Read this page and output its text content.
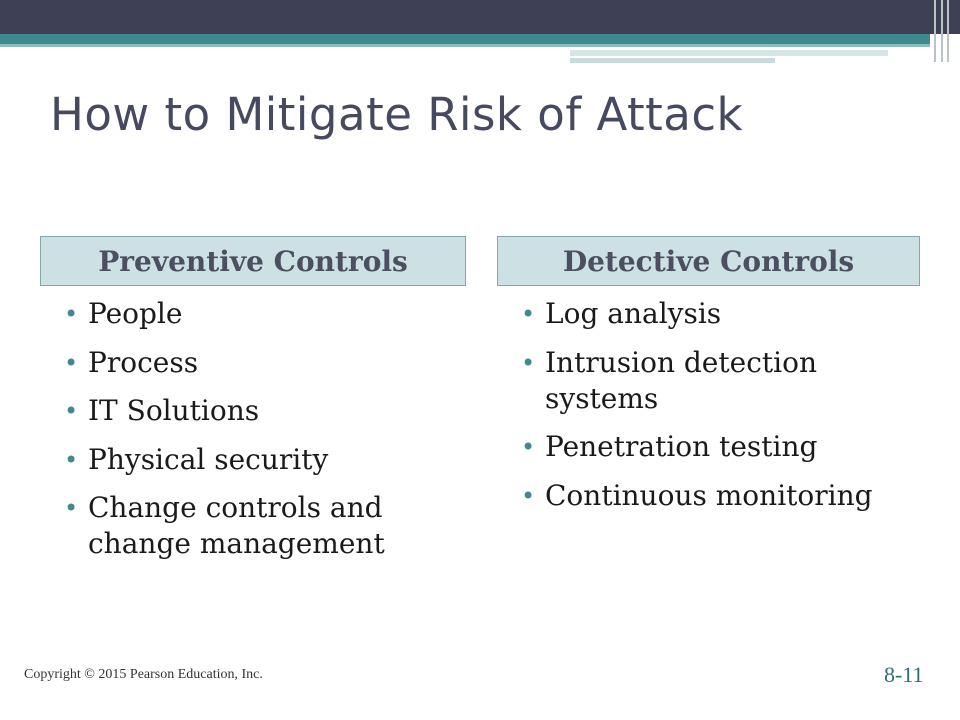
How to Mitigate Risk of Attack
Preventive Controls	Detective Controls
• People
• Process
• IT Solutions
• Physical security
• Change controls and change management
• Log analysis
• Intrusion detection systems
• Penetration testing
• Continuous monitoring
Copyright © 2015 Pearson Education, Inc.	8-11
